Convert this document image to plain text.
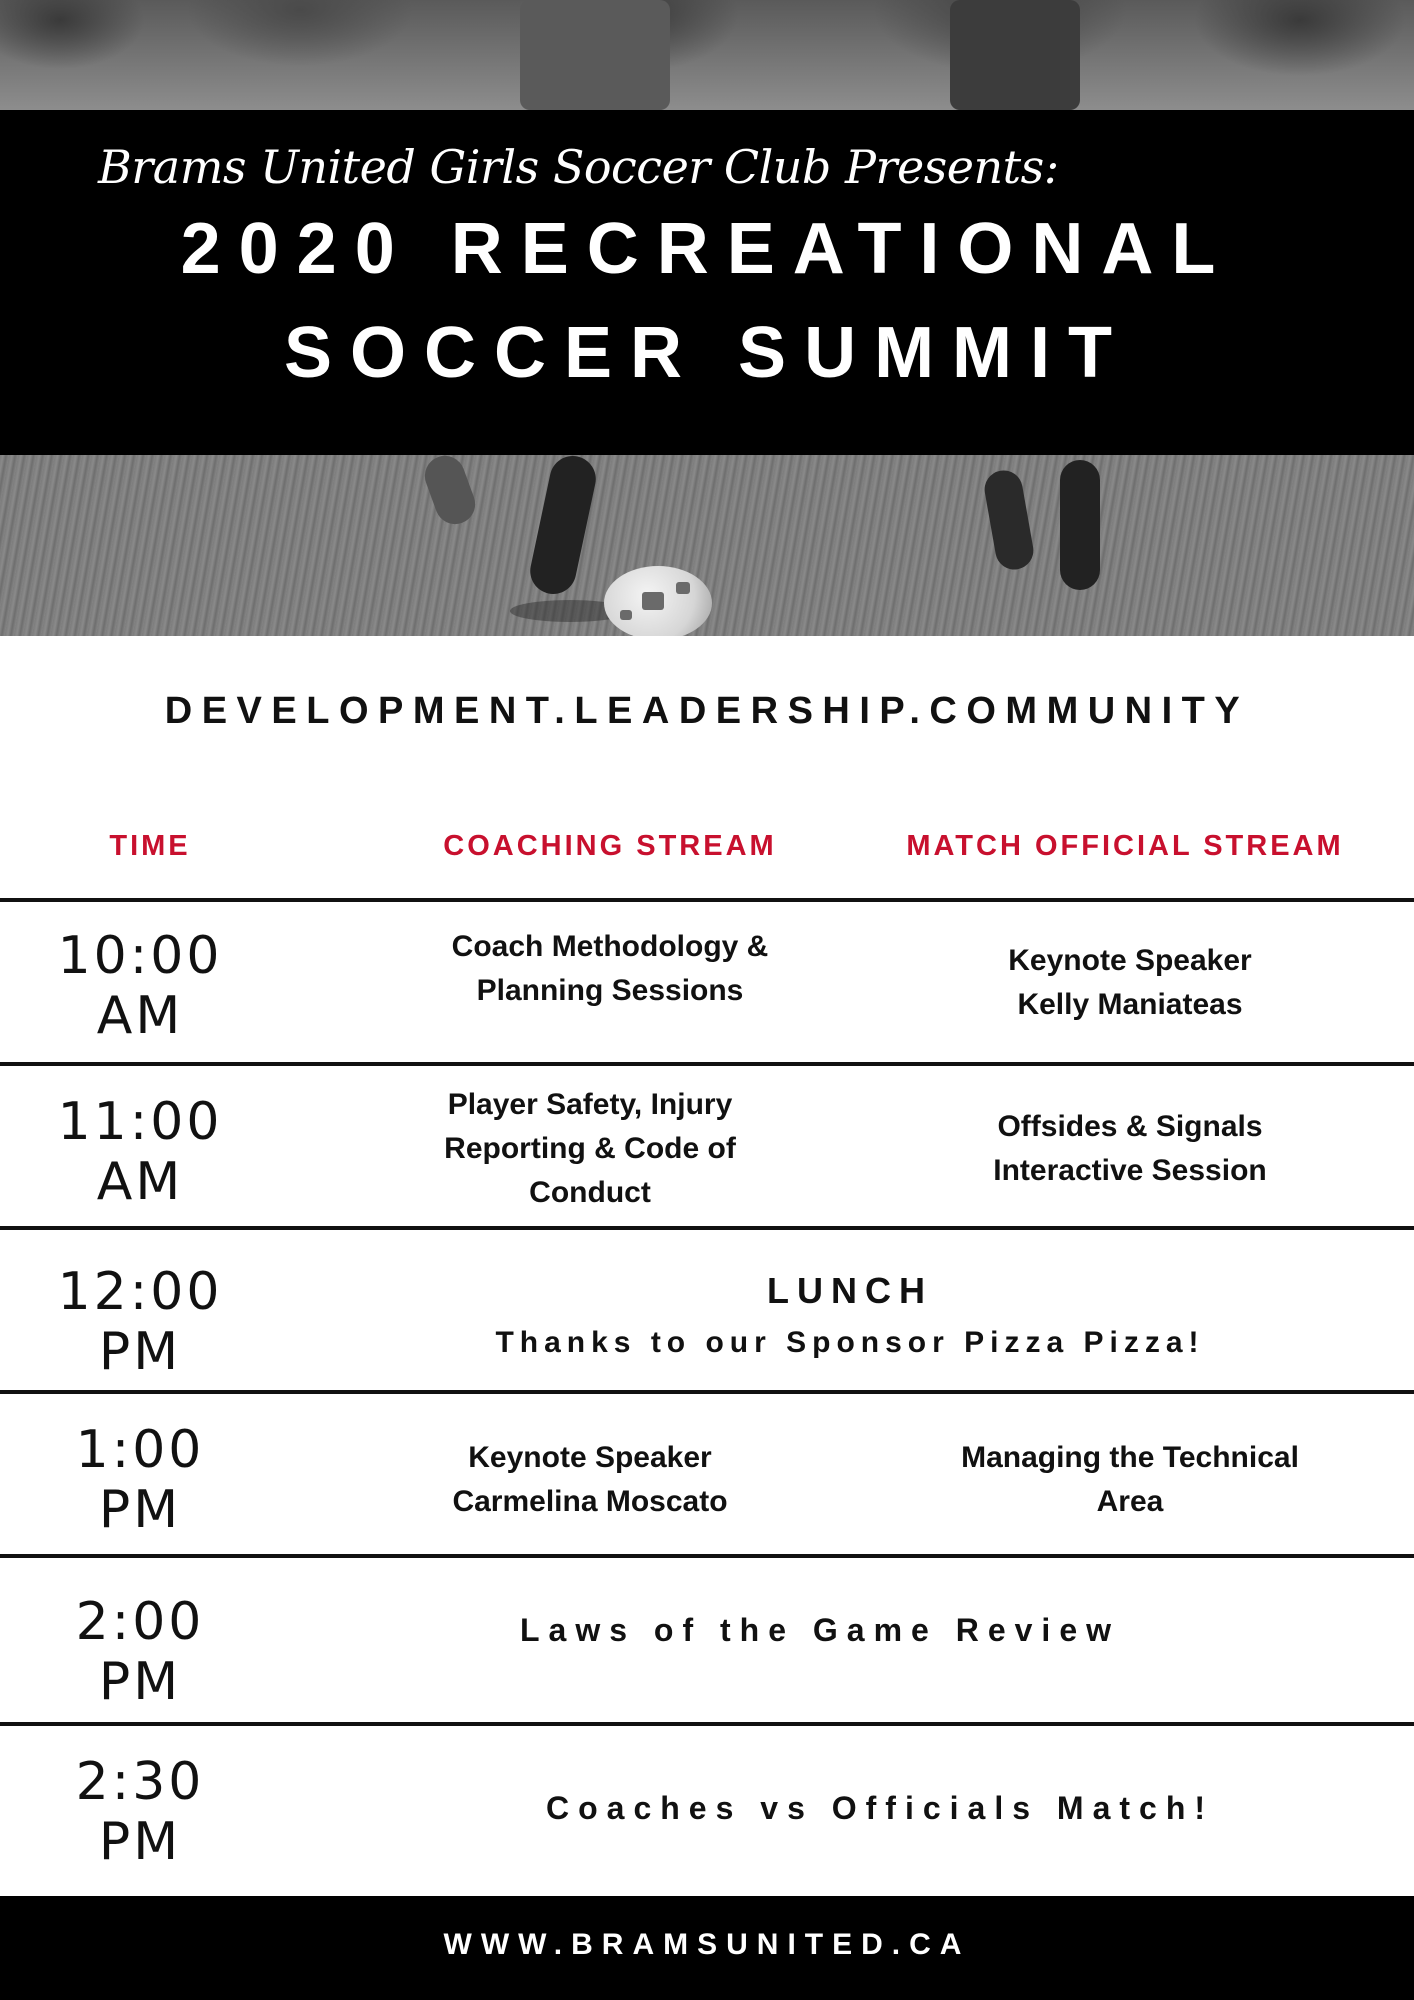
Brams United Girls Soccer Club Presents:
2020 RECREATIONAL
SOCCER SUMMIT
DEVELOPMENT.LEADERSHIP.COMMUNITY
TIME	COACHING STREAM	MATCH OFFICIAL STREAM
10:00
AM
Coach Methodology &
Planning Sessions
Keynote Speaker
Kelly Maniateas
11:00
AM
Player Safety, Injury
Reporting & Code of
Conduct
Offsides & Signals
Interactive Session
12:00
PM
LUNCH
Thanks to our Sponsor Pizza Pizza!
1:00
PM
Keynote Speaker
Carmelina Moscato
Managing the Technical
Area
2:00
PM
Laws of the Game Review
2:30
PM
Coaches vs Officials Match!
WWW.BRAMSUNITED.CA
